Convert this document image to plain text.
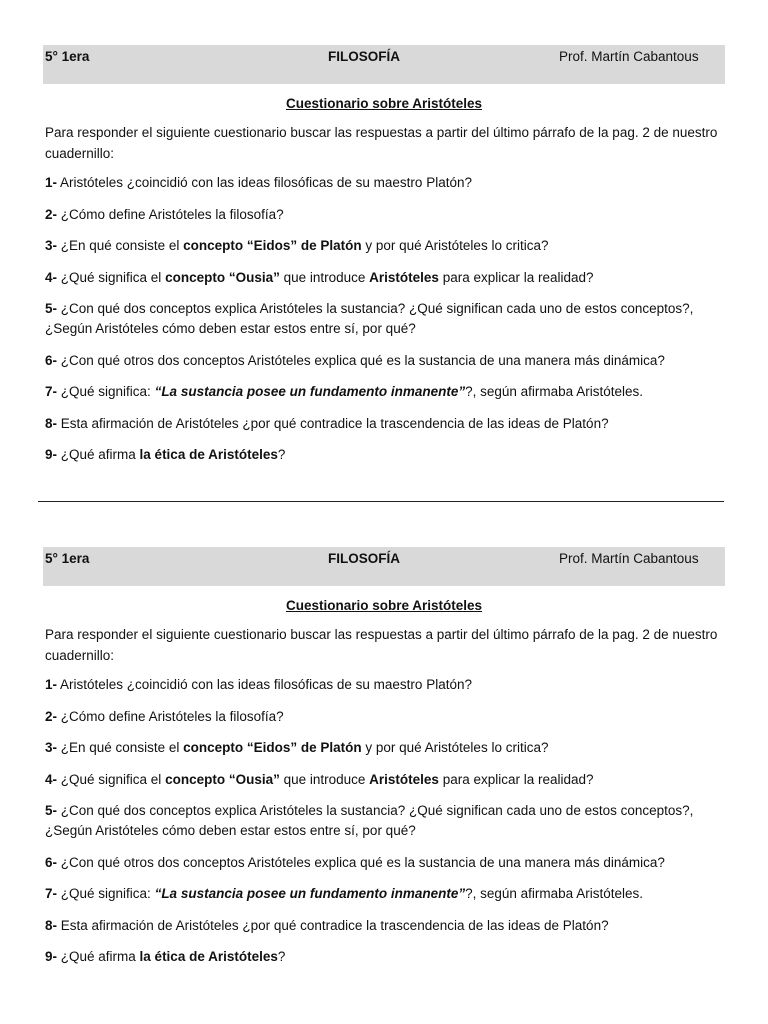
5° 1era	FILOSOFÍA	Prof. Martín Cabantous
Cuestionario sobre Aristóteles

Para responder el siguiente cuestionario buscar las respuestas a partir del último párrafo de la pag. 2 de nuestro cuadernillo:

1- Aristóteles ¿coincidió con las ideas filosóficas de su maestro Platón?

2- ¿Cómo define Aristóteles la filosofía?

3- ¿En qué consiste el concepto “Eidos” de Platón y por qué Aristóteles lo critica?

4- ¿Qué significa el concepto “Ousia” que introduce Aristóteles para explicar la realidad?

5- ¿Con qué dos conceptos explica Aristóteles la sustancia? ¿Qué significan cada uno de estos conceptos?, ¿Según Aristóteles cómo deben estar estos entre sí, por qué?

6- ¿Con qué otros dos conceptos Aristóteles explica qué es la sustancia de una manera más dinámica?

7- ¿Qué significa: “La sustancia posee un fundamento inmanente”?, según afirmaba Aristóteles.

8- Esta afirmación de Aristóteles ¿por qué contradice la trascendencia de las ideas de Platón?

9- ¿Qué afirma la ética de Aristóteles?

5° 1era	FILOSOFÍA	Prof. Martín Cabantous
Cuestionario sobre Aristóteles

Para responder el siguiente cuestionario buscar las respuestas a partir del último párrafo de la pag. 2 de nuestro cuadernillo:

1- Aristóteles ¿coincidió con las ideas filosóficas de su maestro Platón?

2- ¿Cómo define Aristóteles la filosofía?

3- ¿En qué consiste el concepto “Eidos” de Platón y por qué Aristóteles lo critica?

4- ¿Qué significa el concepto “Ousia” que introduce Aristóteles para explicar la realidad?

5- ¿Con qué dos conceptos explica Aristóteles la sustancia? ¿Qué significan cada uno de estos conceptos?, ¿Según Aristóteles cómo deben estar estos entre sí, por qué?

6- ¿Con qué otros dos conceptos Aristóteles explica qué es la sustancia de una manera más dinámica?

7- ¿Qué significa: “La sustancia posee un fundamento inmanente”?, según afirmaba Aristóteles.

8- Esta afirmación de Aristóteles ¿por qué contradice la trascendencia de las ideas de Platón?

9- ¿Qué afirma la ética de Aristóteles?
